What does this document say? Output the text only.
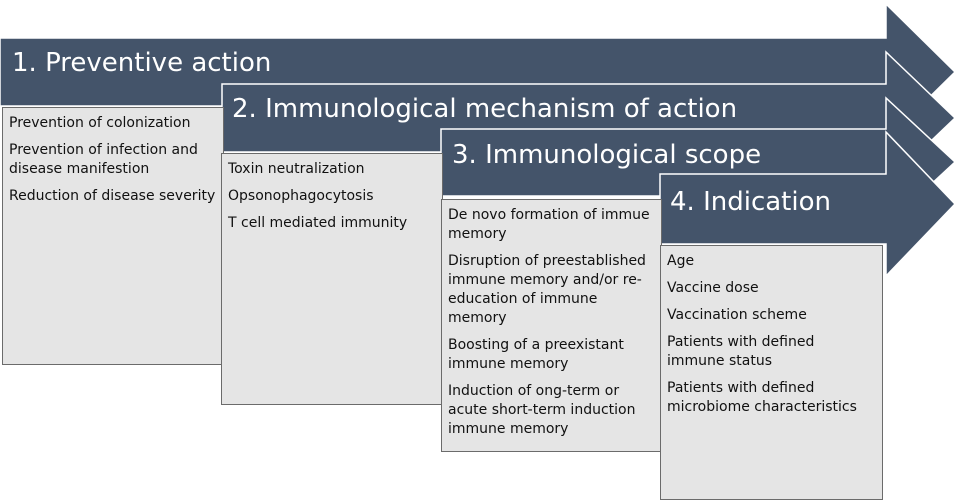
Prevention of colonization
Prevention of infection and disease manifestion
Reduction of disease severity
Toxin neutralization
Opsonophagocytosis
T cell mediated immunity	De novo formation of immue memory
Disruption of preestablished immune memory and/or re-education of immune memory
Boosting of a preexistant immune memory
Induction of ong-term or acute short-term induction immune memory
Age
Vaccine dose
Vaccination scheme
Patients with defined immune status
Patients with defined microbiome characteristics
1. Preventive action
2. Immunological mechanism of action
3. Immunological scope
4. Indication
